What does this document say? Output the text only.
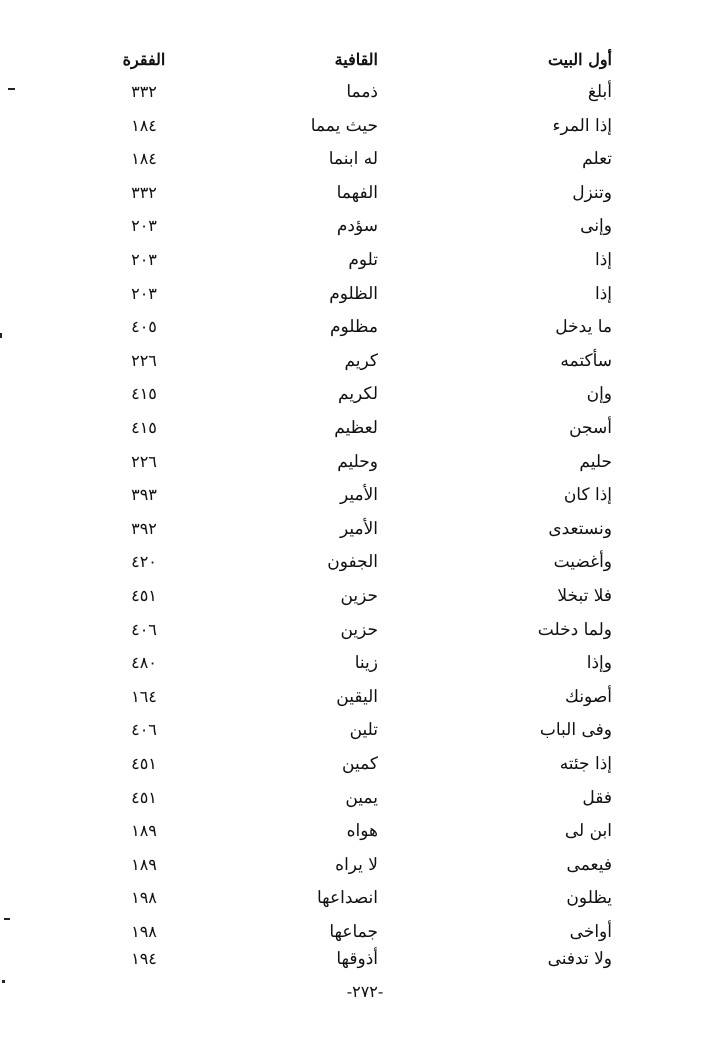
أول البيت
القافية
الفقرة
أبلغ
ذمما
٣٣٢
إذا المرء
حيث يمما
١٨٤
تعلم
له ابنما
١٨٤
وتنزل
الفهما
٣٣٢
وإنى
سؤدم
٢٠٣
إذا
تلوم
٢٠٣
إذا
الظلوم
٢٠٣
ما يدخل
مظلوم
٤٠٥
سأكتمه
كريم
٢٢٦
وإن
لكريم
٤١٥
أسجن
لعظيم
٤١٥
حليم
وحليم
٢٢٦
إذا كان
الأمير
٣٩٣
ونستعدى
الأمير
٣٩٢
وأغضيت
الجفون
٤٢٠
فلا تبخلا
حزين
٤٥١
ولما دخلت
حزين
٤٠٦
وإذا
زينا
٤٨٠
أصونك
اليقين
١٦٤
وفى الباب
تلين
٤٠٦
إذا جئته
كمين
٤٥١
فقل
يمين
٤٥١
ابن لى
هواه
١٨٩
فيعمى
لا يراه
١٨٩
يظلون
انصداعها
١٩٨
أواخى
جماعها
١٩٨
ولا تدفنى
أذوقها
١٩٤
-٢٧٢-
